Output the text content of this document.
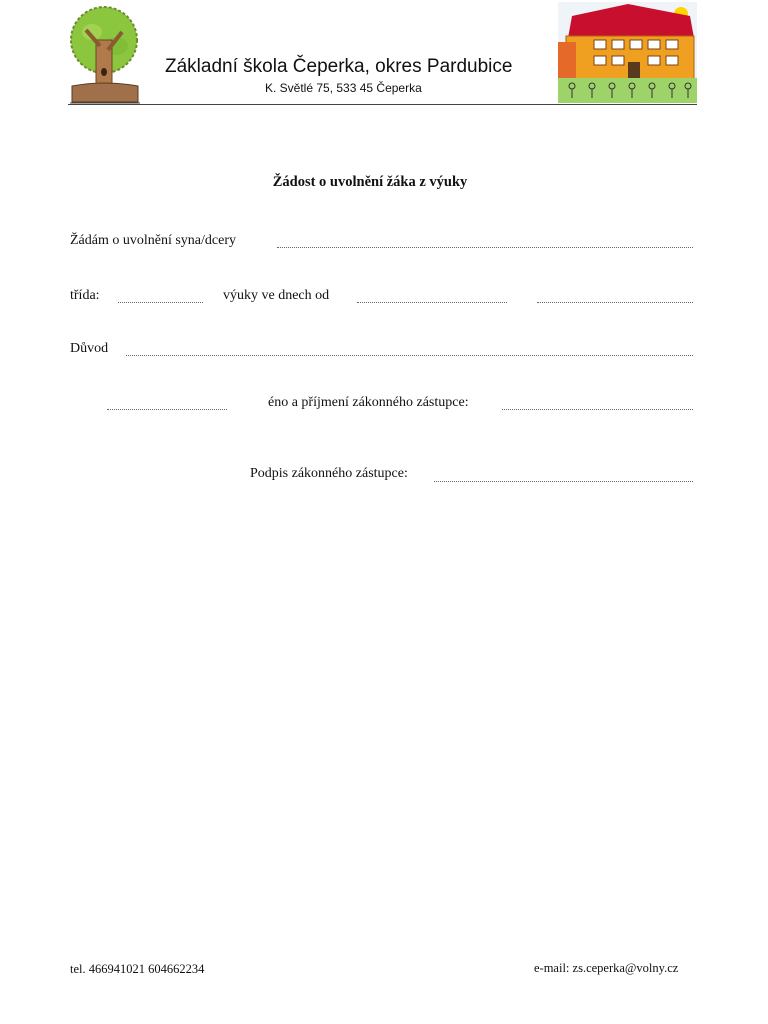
Základní škola Čeperka, okres Pardubice
K. Světlé 75, 533 45 Čeperka
Žádost o uvolnění žáka z výuky
Žádám o uvolnění syna/dcery
třída:	výuky ve dnech od
Důvod
éno a příjmení zákonného zástupce:
Podpis zákonného zástupce:
tel. 466941021 604662234	e-mail: zs.ceperka@volny.cz
